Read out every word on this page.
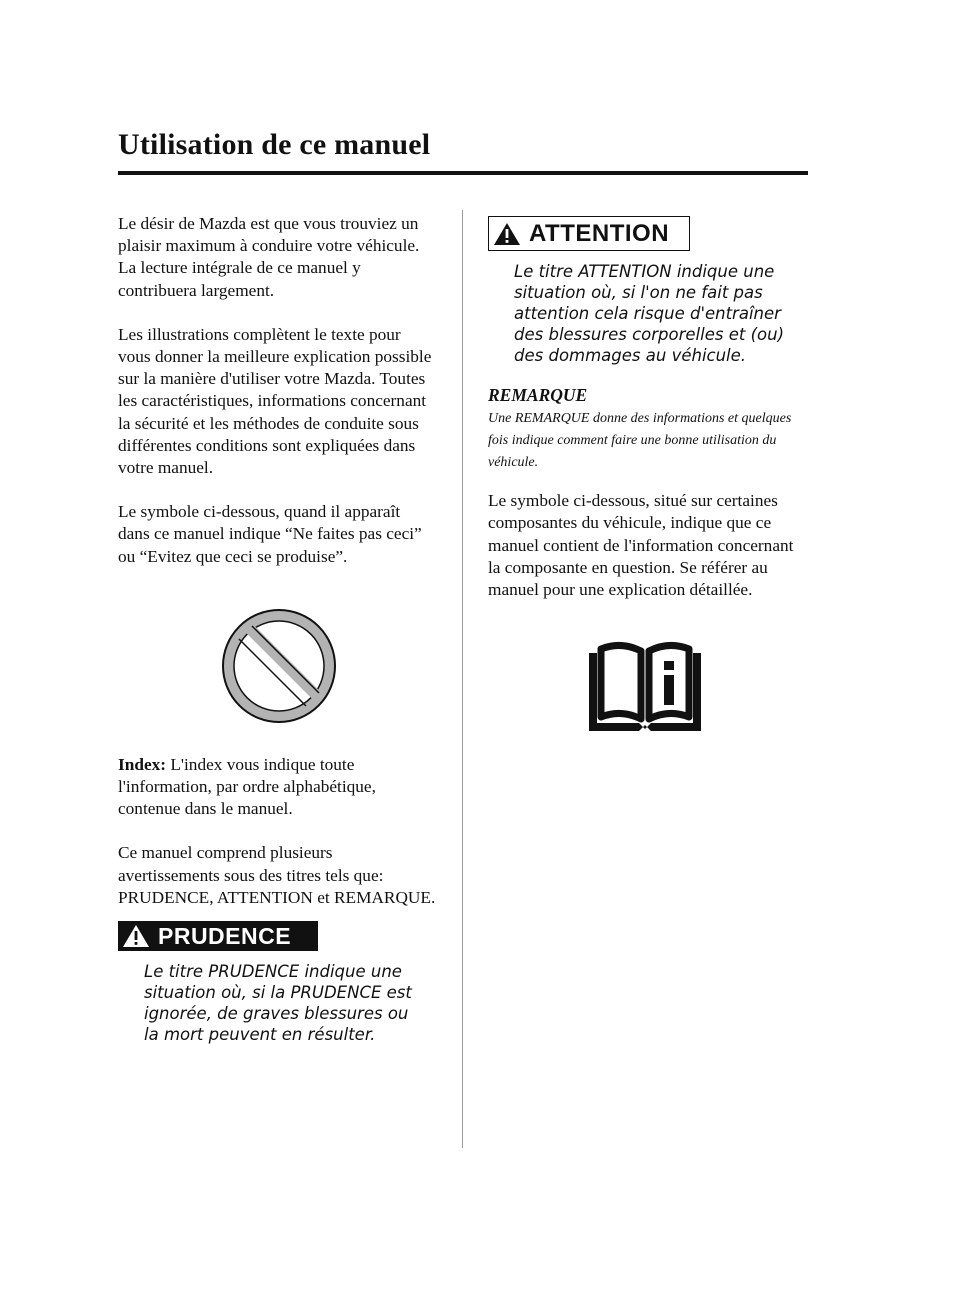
Utilisation de ce manuel

Le désir de Mazda est que vous trouviez un plaisir maximum à conduire votre véhicule. La lecture intégrale de ce manuel y contribuera largement.

Les illustrations complètent le texte pour vous donner la meilleure explication possible sur la manière d'utiliser votre Mazda. Toutes les caractéristiques, informations concernant la sécurité et les méthodes de conduite sous différentes conditions sont expliquées dans votre manuel.

Le symbole ci-dessous, quand il apparaît dans ce manuel indique “Ne faites pas ceci” ou “Evitez que ceci se produise”.

Index: L'index vous indique toute l'information, par ordre alphabétique, contenue dans le manuel.

Ce manuel comprend plusieurs avertissements sous des titres tels que: PRUDENCE, ATTENTION et REMARQUE.

PRUDENCE

Le titre PRUDENCE indique une situation où, si la PRUDENCE est ignorée, de graves blessures ou la mort peuvent en résulter.

ATTENTION

Le titre ATTENTION indique une situation où, si l'on ne fait pas attention cela risque d'entraîner des blessures corporelles et (ou) des dommages au véhicule.

REMARQUE

Une REMARQUE donne des informations et quelques fois indique comment faire une bonne utilisation du véhicule.

Le symbole ci-dessous, situé sur certaines composantes du véhicule, indique que ce manuel contient de l'information concernant la composante en question. Se référer au manuel pour une explication détaillée.
